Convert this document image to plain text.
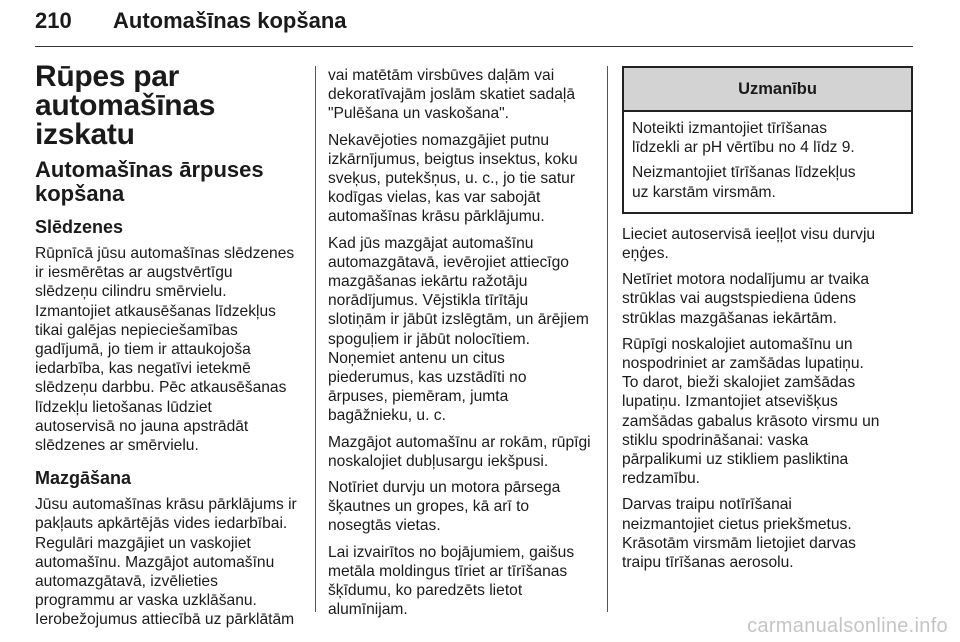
210 Automašīnas kopšana
Rūpes par automašīnas
izskatu
Automašīnas ārpuses
kopšana
Slēdzenes

Rūpnīcā jūsu automašīnas slēdzenes
ir iesmērētas ar augstvērtīgu
slēdzeņu cilindru smērvielu.
Izmantojiet atkausēšanas līdzekļus
tikai galējas nepieciešamības
gadījumā, jo tiem ir attaukojoša
iedarbība, kas negatīvi ietekmē
slēdzeņu darbbu. Pēc atkausēšanas
līdzekļu lietošanas lūdziet
autoservisā no jauna apstrādāt
slēdzenes ar smērvielu.

Mazgāšana

Jūsu automašīnas krāsu pārklājums ir
pakļauts apkārtējās vides iedarbībai.
Regulāri mazgājiet un vaskojiet
automašīnu. Mazgājot automašīnu
automazgātavā, izvēlieties
programmu ar vaska uzklāšanu.
Ierobežojumus attiecībā uz pārklātām

vai matētām virsbūves daļām vai
dekoratīvajām joslām skatiet sadaļā
"Pulēšana un vaskošana".

Nekavējoties nomazgājiet putnu
izkārnījumus, beigtus insektus, koku
sveķus, putekšņus, u. c., jo tie satur
kodīgas vielas, kas var sabojāt
automašīnas krāsu pārklājumu.

Kad jūs mazgājat automašīnu
automazgātavā, ievērojiet attiecīgo
mazgāšanas iekārtu ražotāju
norādījumus. Vējstikla tīrītāju
slotiņām ir jābūt izslēgtām, un ārējiem
spoguļiem ir jābūt nolocītiem.
Noņemiet antenu un citus
piederumus, kas uzstādīti no
ārpuses, piemēram, jumta
bagāžnieku, u. c.

Mazgājot automašīnu ar rokām, rūpīgi
noskalojiet dubļusargu iekšpusi.

Notīriet durvju un motora pārsega
šķautnes un gropes, kā arī to
nosegtās vietas.

Lai izvairītos no bojājumiem, gaišus
metāla moldingus tīriet ar tīrīšanas
šķīdumu, ko paredzēts lietot
alumīnijam.

Uzmanību

Noteikti izmantojiet tīrīšanas
līdzekli ar pH vērtību no 4 līdz 9.

Neizmantojiet tīrīšanas līdzekļus
uz karstām virsmām.

Lieciet autoservisā ieeļļot visu durvju
eņģes.

Netīriet motora nodalījumu ar tvaika
strūklas vai augstspiediena ūdens
strūklas mazgāšanas iekārtām.

Rūpīgi noskalojiet automašīnu un
nospodriniet ar zamšādas lupatiņu.
To darot, bieži skalojiet zamšādas
lupatiņu. Izmantojiet atsevišķus
zamšādas gabalus krāsoto virsmu un
stiklu spodrināšanai: vaska
pārpalikumi uz stikliem pasliktina
redzamību.

Darvas traipu notīrīšanai
neizmantojiet cietus priekšmetus.
Krāsotām virsmām lietojiet darvas
traipu tīrīšanas aerosolu.

carmanualsonline.info
